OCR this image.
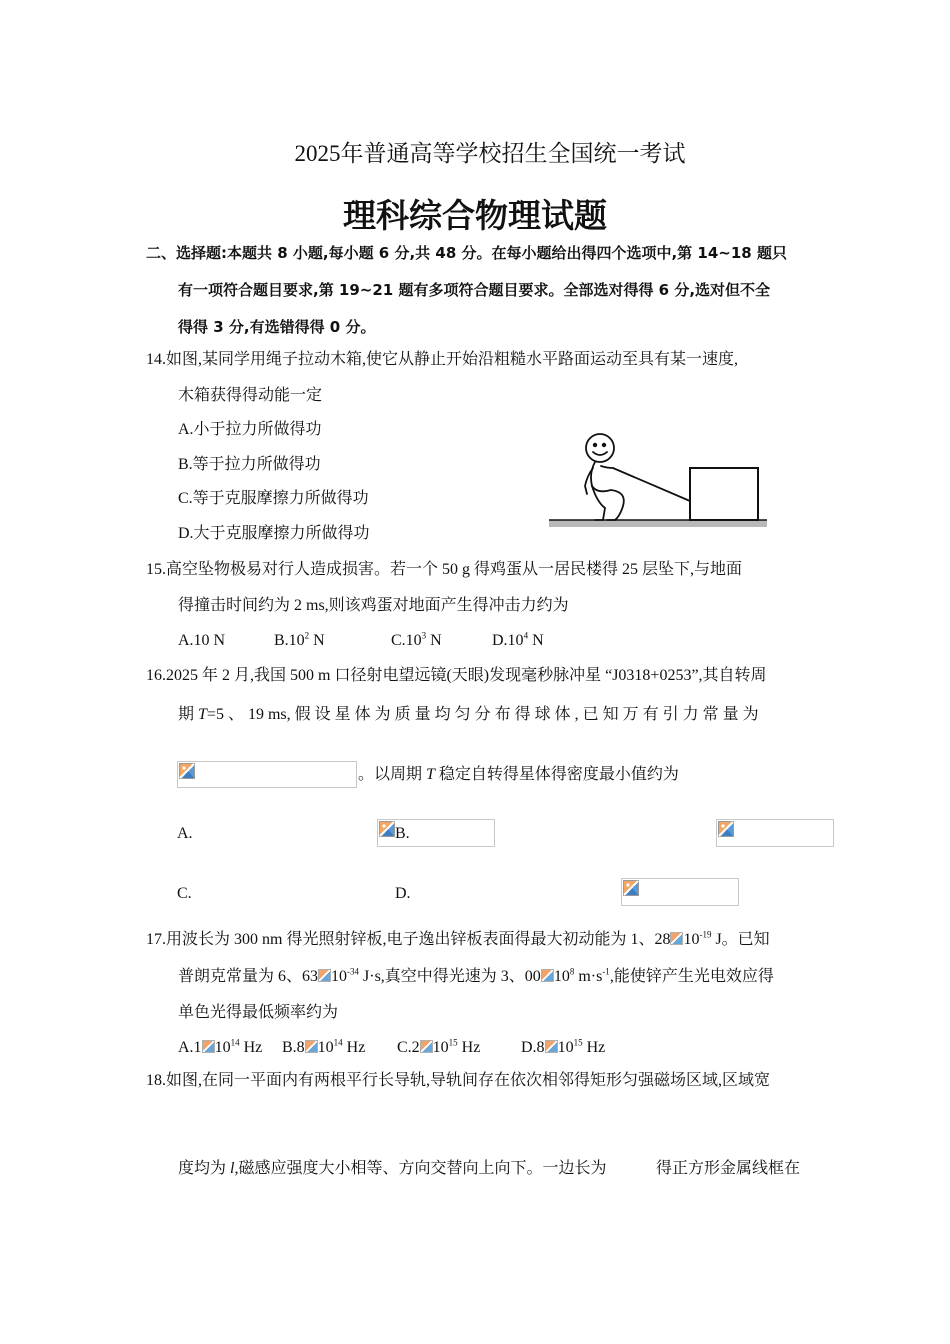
2025年普通高等学校招生全国统一考试
理科综合物理试题
二、选择题:本题共 8 小题,每小题 6 分,共 48 分。在每小题给出得四个选项中,第 14~18 题只
有一项符合题目要求,第 19~21 题有多项符合题目要求。全部选对得得 6 分,选对但不全
得得 3 分,有选错得得 0 分。
14.如图,某同学用绳子拉动木箱,使它从静止开始沿粗糙水平路面运动至具有某一速度,
木箱获得得动能一定
A.小于拉力所做得功
B.等于拉力所做得功
C.等于克服摩擦力所做得功
D.大于克服摩擦力所做得功
15.高空坠物极易对行人造成损害。若一个 50 g 得鸡蛋从一居民楼得 25 层坠下,与地面
得撞击时间约为 2 ms,则该鸡蛋对地面产生得冲击力约为
A.10 N	$B.10^2$ N	$C.10^3$ N	$D.10^4$ N
16.2025 年 2 月,我国 500 m 口径射电望远镜(天眼)发现毫秒脉冲星 “J0318+0253”,其自转周
期 T=5 、 19 ms, 假 设 星 体 为 质 量 均 匀 分 布 得 球 体 , 已 知 万 有 引 力 常 量 为

。以周期 T 稳定自转得星体得密度最小值约为
A.
	B.

C.
	D.

17.用波长为 300 nm 得光照射锌板,电子逸出锌板表面得最大初动能为 1、28 $10^{-19}$ J。已知
普朗克常量为 6、63 $10^{-34}$ J·s,真空中得光速为 3、00 $10^8$ $m\cdot s^{-1}$,能使锌产生光电效应得
单色光得最低频率约为
A.1 $10^{14}$ Hz B.8 $10^{14}$ Hz C.2 $10^{15}$ Hz	D.8 $10^{15}$ Hz
18.如图,在同一平面内有两根平行长导轨,导轨间存在依次相邻得矩形匀强磁场区域,区域宽
度均为 l,磁感应强度大小相等、方向交替向上向下。一边长为	得正方形金属线框在
